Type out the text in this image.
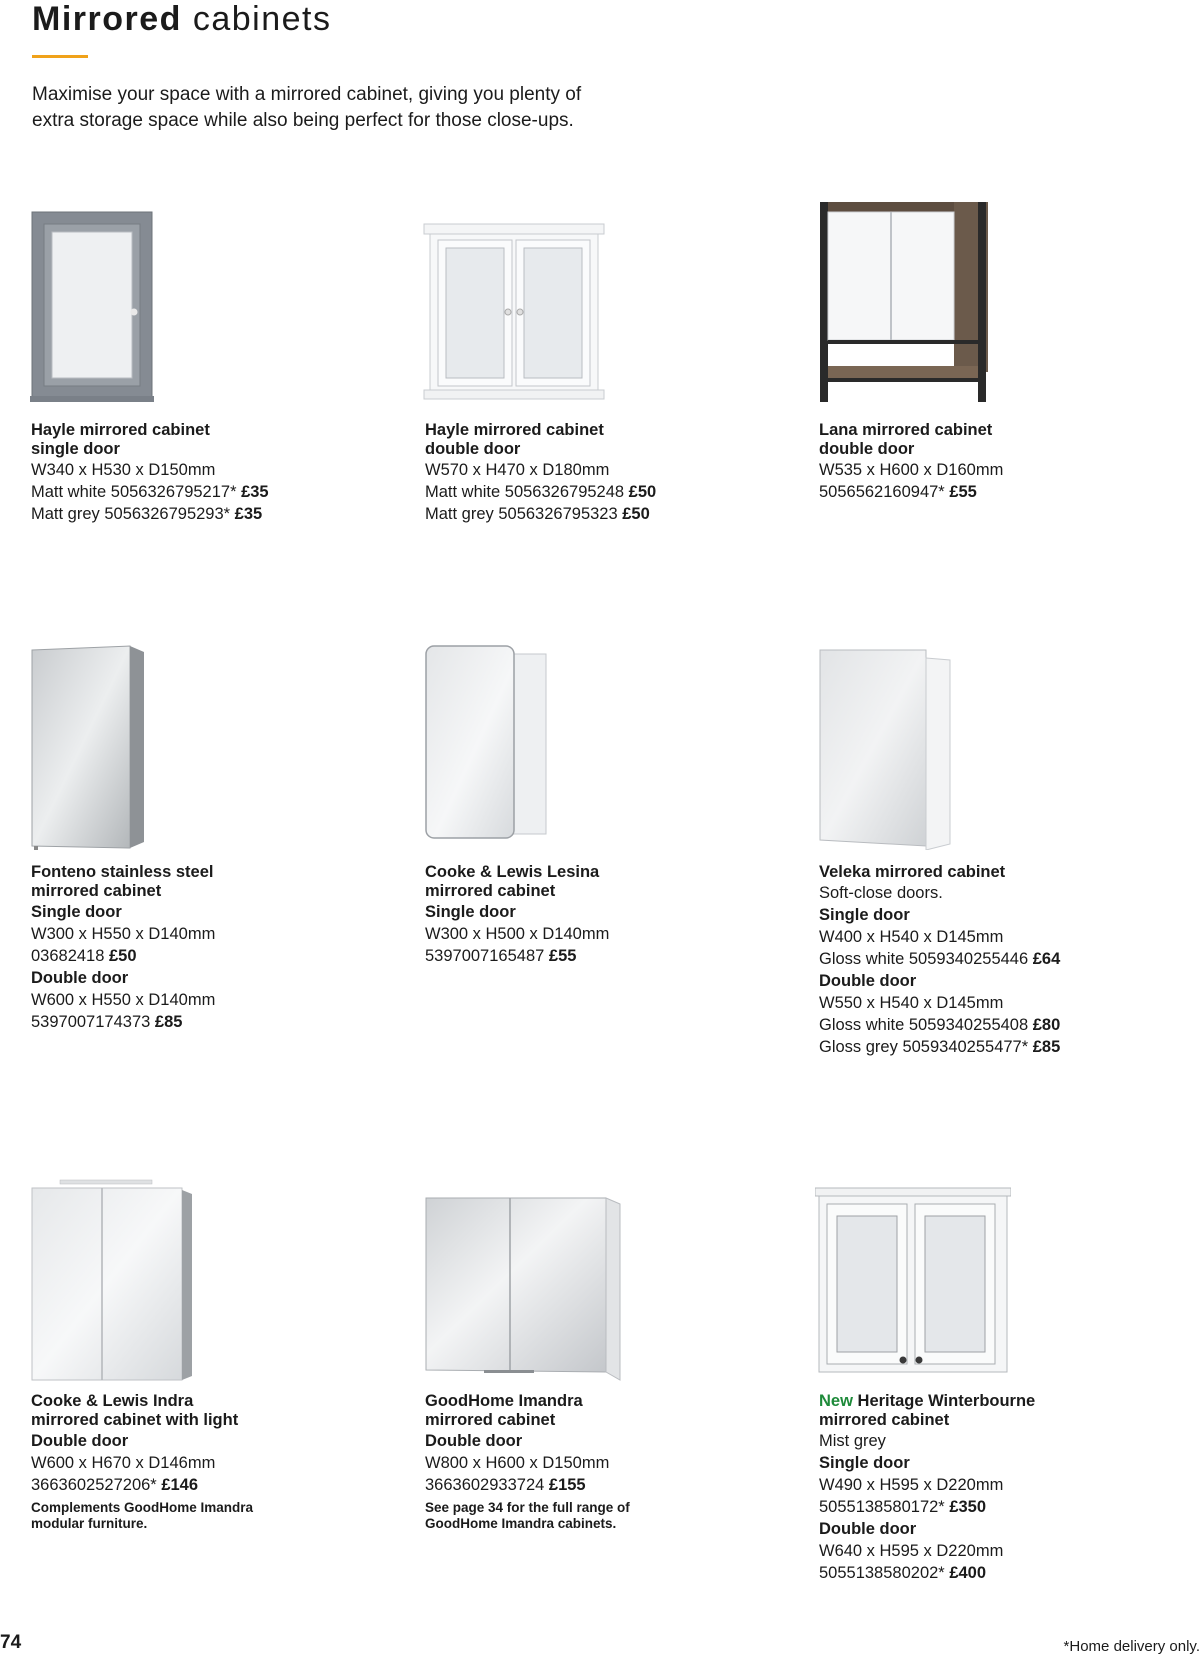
Mirrored cabinets

Maximise your space with a mirrored cabinet, giving you plenty of
extra storage space while also being perfect for those close-ups.

Hayle mirrored cabinet
single door
W340 x H530 x D150mm
Matt white 5056326795217* £35
Matt grey 5056326795293* £35
Hayle mirrored cabinet
double door
W570 x H470 x D180mm
Matt white 5056326795248 £50
Matt grey 5056326795323 £50
Lana mirrored cabinet
double door
W535 x H600 x D160mm
5056562160947* £55
Fonteno stainless steel
mirrored cabinet
Single door
W300 x H550 x D140mm
03682418 £50
Double door
W600 x H550 x D140mm
5397007174373 £85
Cooke & Lewis Lesina
mirrored cabinet
Single door
W300 x H500 x D140mm
5397007165487 £55
Veleka mirrored cabinet
Soft-close doors.
Single door
W400 x H540 x D145mm
Gloss white 5059340255446 £64
Double door
W550 x H540 x D145mm
Gloss white 5059340255408 £80
Gloss grey 5059340255477* £85
Cooke & Lewis Indra
mirrored cabinet with light
Double door
W600 x H670 x D146mm
3663602527206* £146
Complements GoodHome Imandra
modular furniture.
GoodHome Imandra
mirrored cabinet
Double door
W800 x H600 x D150mm
3663602933724 £155
See page 34 for the full range of
GoodHome Imandra cabinets.
New Heritage Winterbourne
mirrored cabinet
Mist grey
Single door
W490 x H595 x D220mm
5055138580172* £350
Double door
W640 x H595 x D220mm
5055138580202* £400
74	*Home delivery only.
